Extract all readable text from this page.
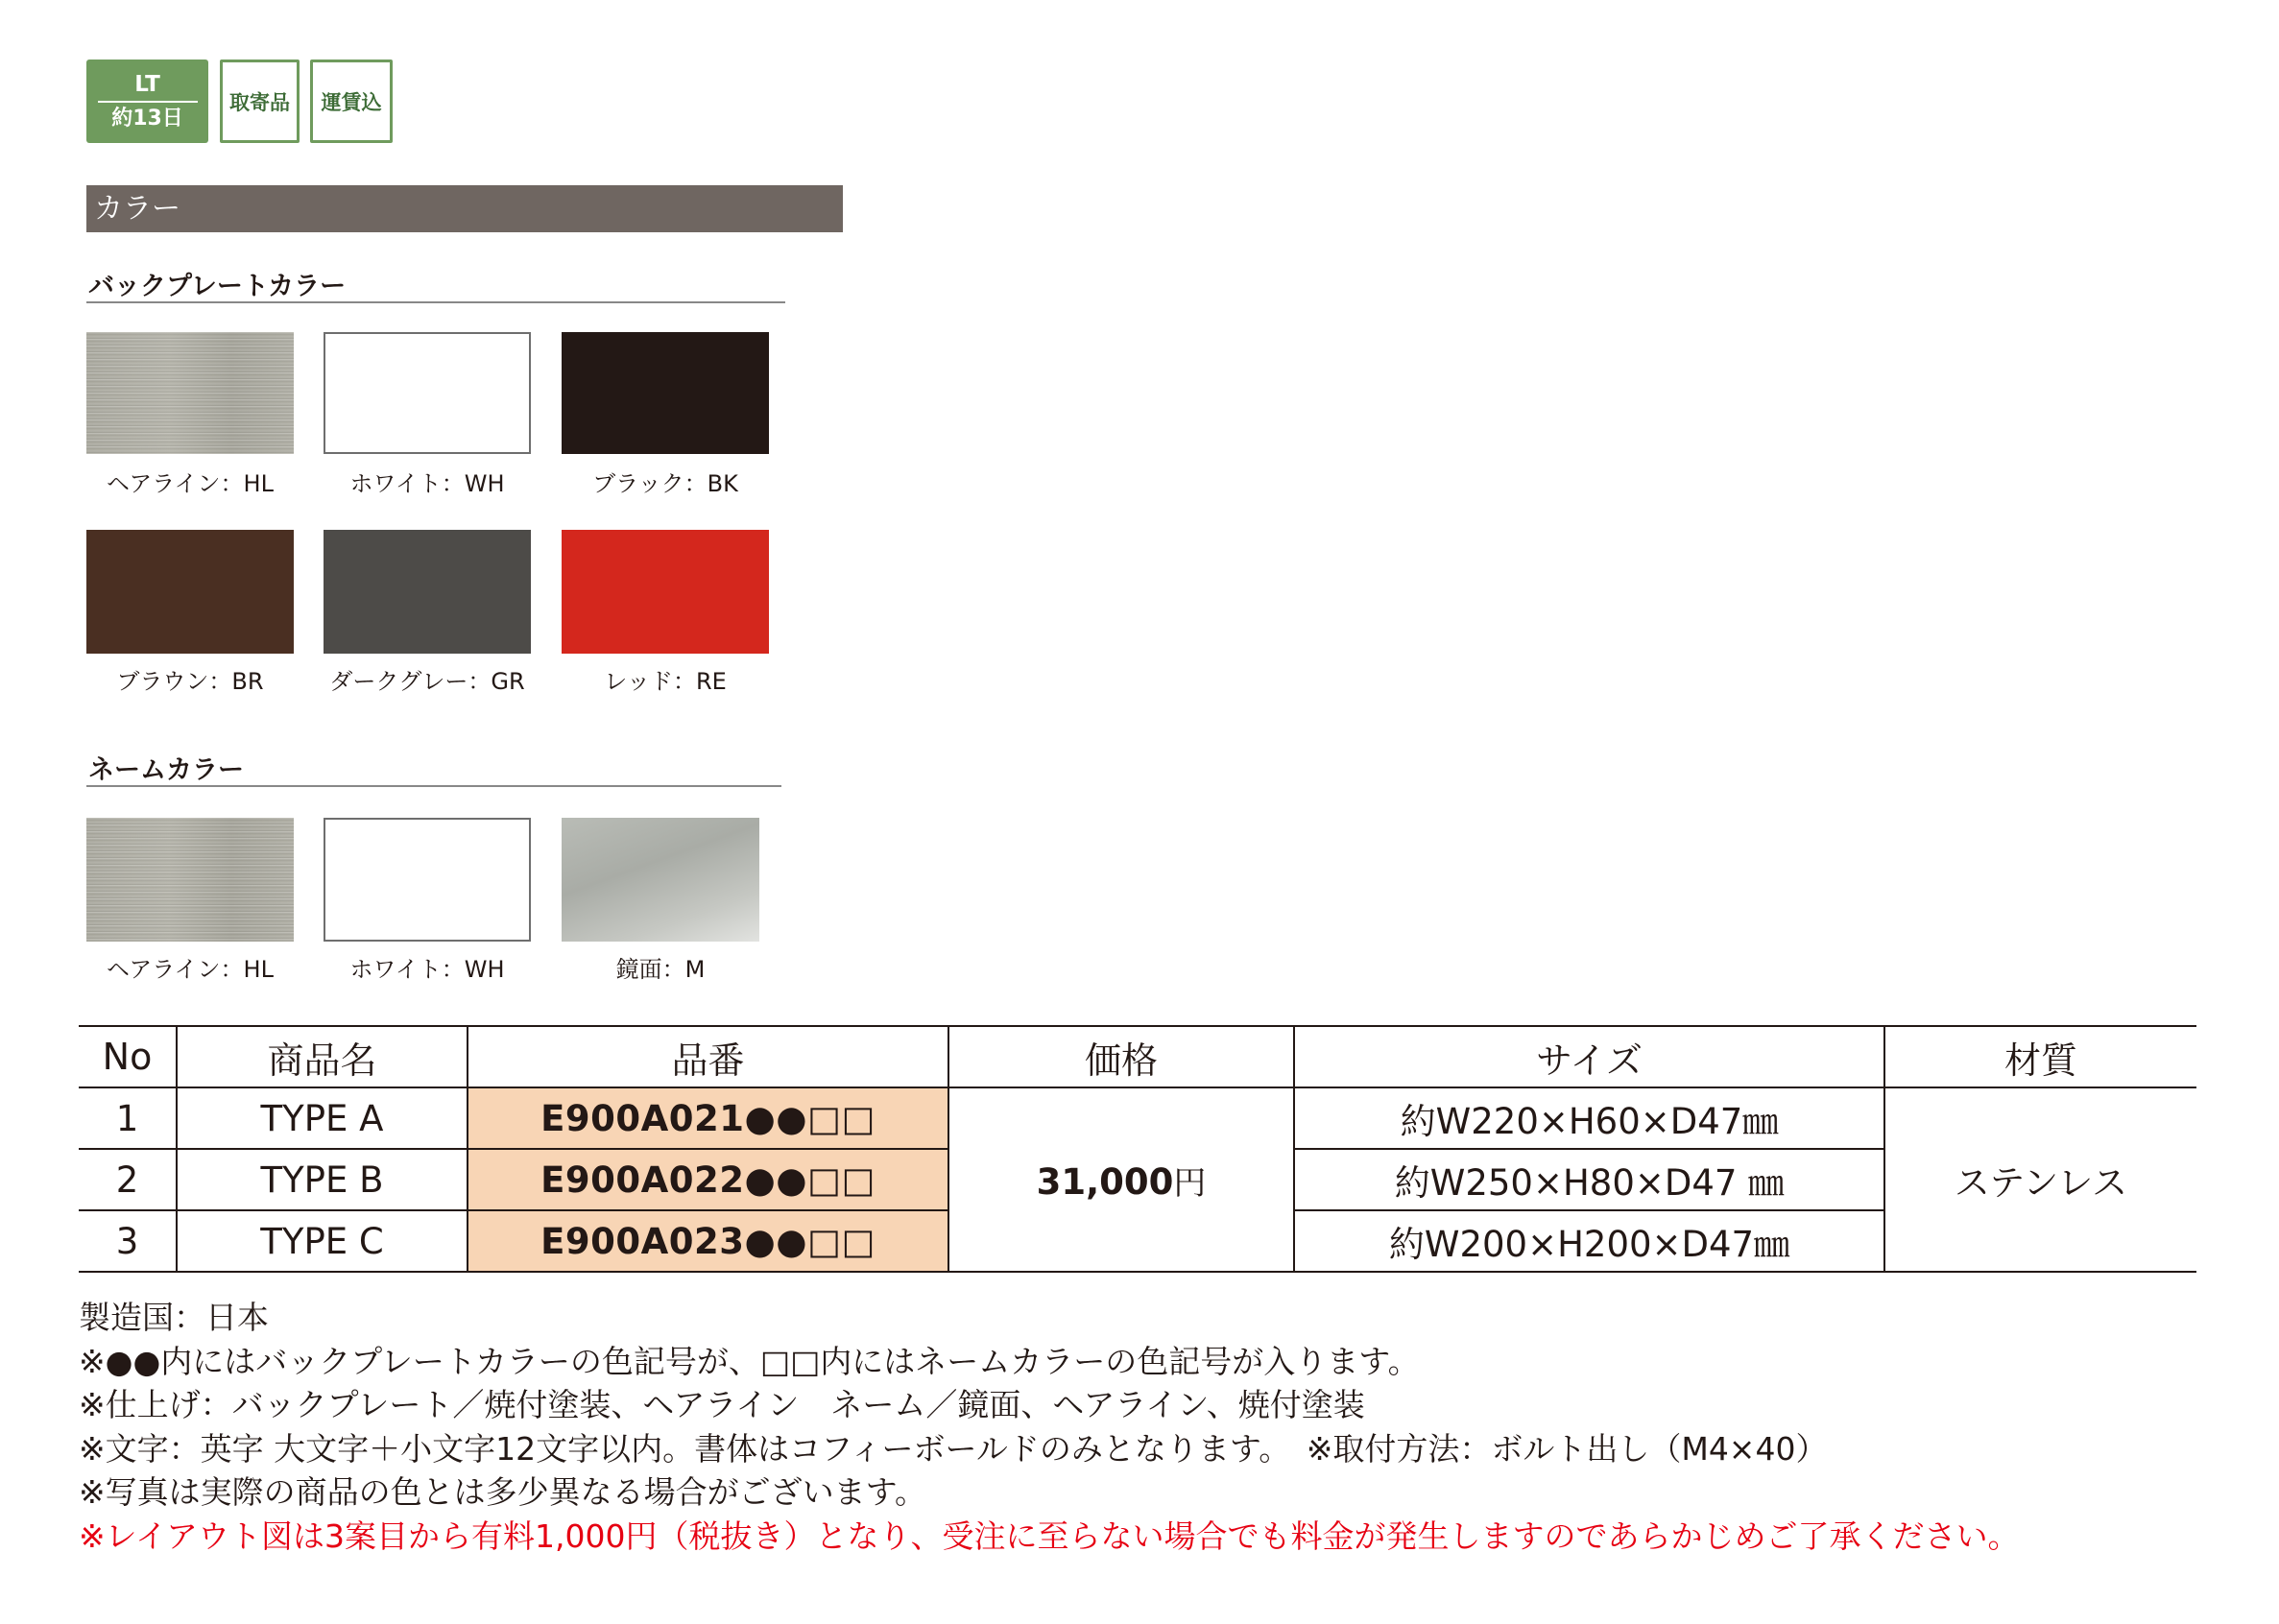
LT
約13日
取寄品	運賃込
カラー
バックプレートカラー
ヘアライン：HL	ホワイト：WH	ブラック：BK
ブラウン：BR	ダークグレー：GR	レッド：RE
ネームカラー
ヘアライン：HL	ホワイト：WH	鏡面：M
No	商品名	品番	価格	サイズ	材質
1	TYPE A	E900A021●●□□	31,000円	約W220×H60×D47㎜	ステンレス
2	TYPE B	E900A022●●□□		約W250×H80×D47 ㎜	
3	TYPE C	E900A023●●□□		約W200×H200×D47㎜	
製造国：日本
※●●内にはバックプレートカラーの色記号が、□□内にはネームカラーの色記号が入ります。
※仕上げ：バックプレート／焼付塗装、ヘアライン　ネーム／鏡面、ヘアライン、焼付塗装
※文字：英字 大文字＋小文字12文字以内。書体はコフィーボールドのみとなります。　※取付方法：ボルト出し（M4×40）
※写真は実際の商品の色とは多少異なる場合がございます。
※レイアウト図は3案目から有料1,000円（税抜き）となり、受注に至らない場合でも料金が発生しますのであらかじめご了承ください。
